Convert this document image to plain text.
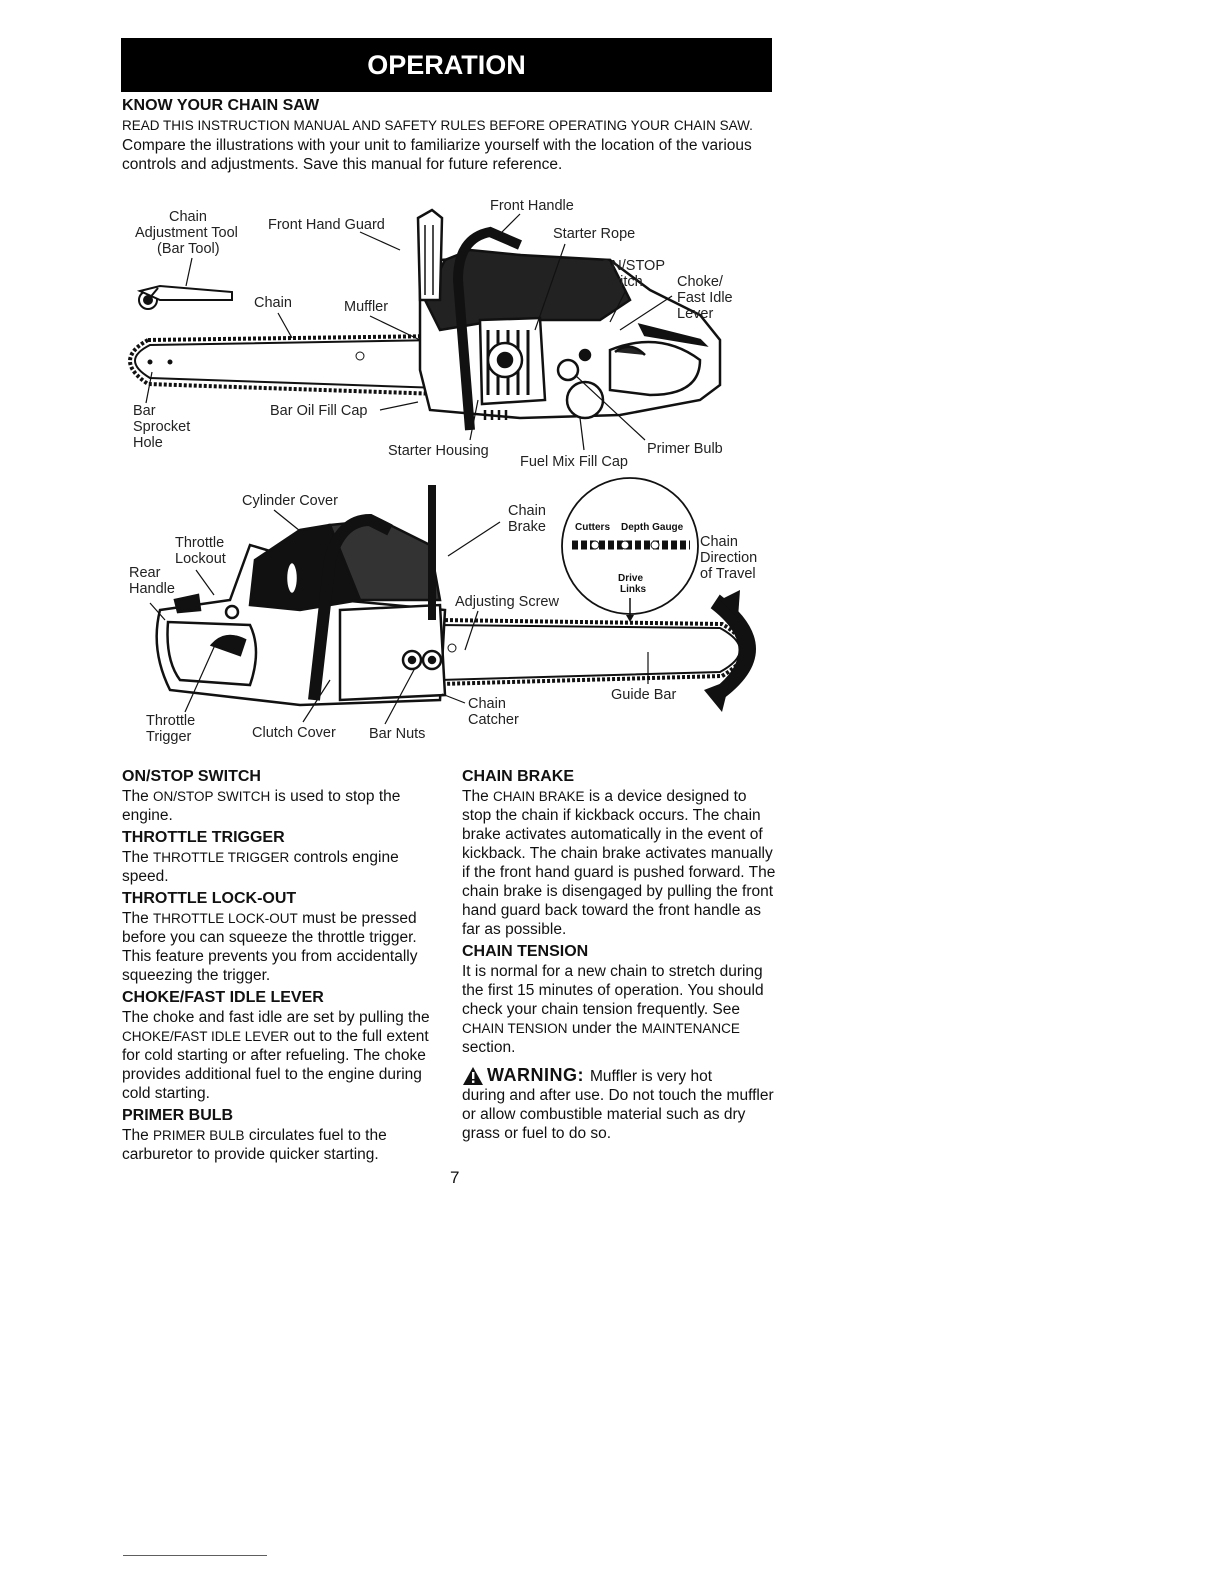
OPERATION
KNOW YOUR CHAIN SAW

READ THIS INSTRUCTION MANUAL AND SAFETY RULES BEFORE OPERATING YOUR CHAIN SAW. Compare the illustrations with your unit to familiarize yourself with the location of the various controls and adjustments. Save this manual for future reference.

Chain
Adjustment Tool
(Bar Tool)
Front Hand Guard
Front Handle
Starter Rope
ON/STOP
Switch Choke/
Fast Idle
Lever
Chain	Muffler
Bar
Sprocket
Hole
Bar Oil Fill Cap
Starter Housing
Fuel Mix Fill Cap
Primer Bulb
Cutters Depth Gauge
Drive
Links
Cylinder Cover
Throttle
Lockout
Rear
Handle
Chain
Brake
Adjusting Screw
Chain
Direction
of Travel
Guide Bar
Chain
Catcher
Throttle
Trigger	Clutch Cover Bar Nuts
ON/STOP SWITCH

The ON/STOP SWITCH is used to stop the engine.

THROTTLE TRIGGER

The THROTTLE TRIGGER controls engine speed.

THROTTLE LOCK-OUT

The THROTTLE LOCK-OUT must be pressed before you can squeeze the throttle trigger. This feature prevents you from accidentally squeezing the trigger.

CHOKE/FAST IDLE LEVER

The choke and fast idle are set by pulling the CHOKE/FAST IDLE LEVER out to the full extent for cold starting or after refueling. The choke provides additional fuel to the engine during cold starting.

PRIMER BULB

The PRIMER BULB circulates fuel to the carburetor to provide quicker starting.

CHAIN BRAKE

The CHAIN BRAKE is a device designed to stop the chain if kickback occurs. The chain brake activates automatically in the event of kickback. The chain brake activates manually if the front hand guard is pushed forward. The chain brake is disengaged by pulling the front hand guard back toward the front handle as far as possible.

CHAIN TENSION

It is normal for a new chain to stretch during the first 15 minutes of operation. You should check your chain tension frequently. See CHAIN TENSION under the MAINTENANCE section.

WARNING: Muffler is very hot

during and after use. Do not touch the muffler or allow combustible material such as dry grass or fuel to do so.

7
